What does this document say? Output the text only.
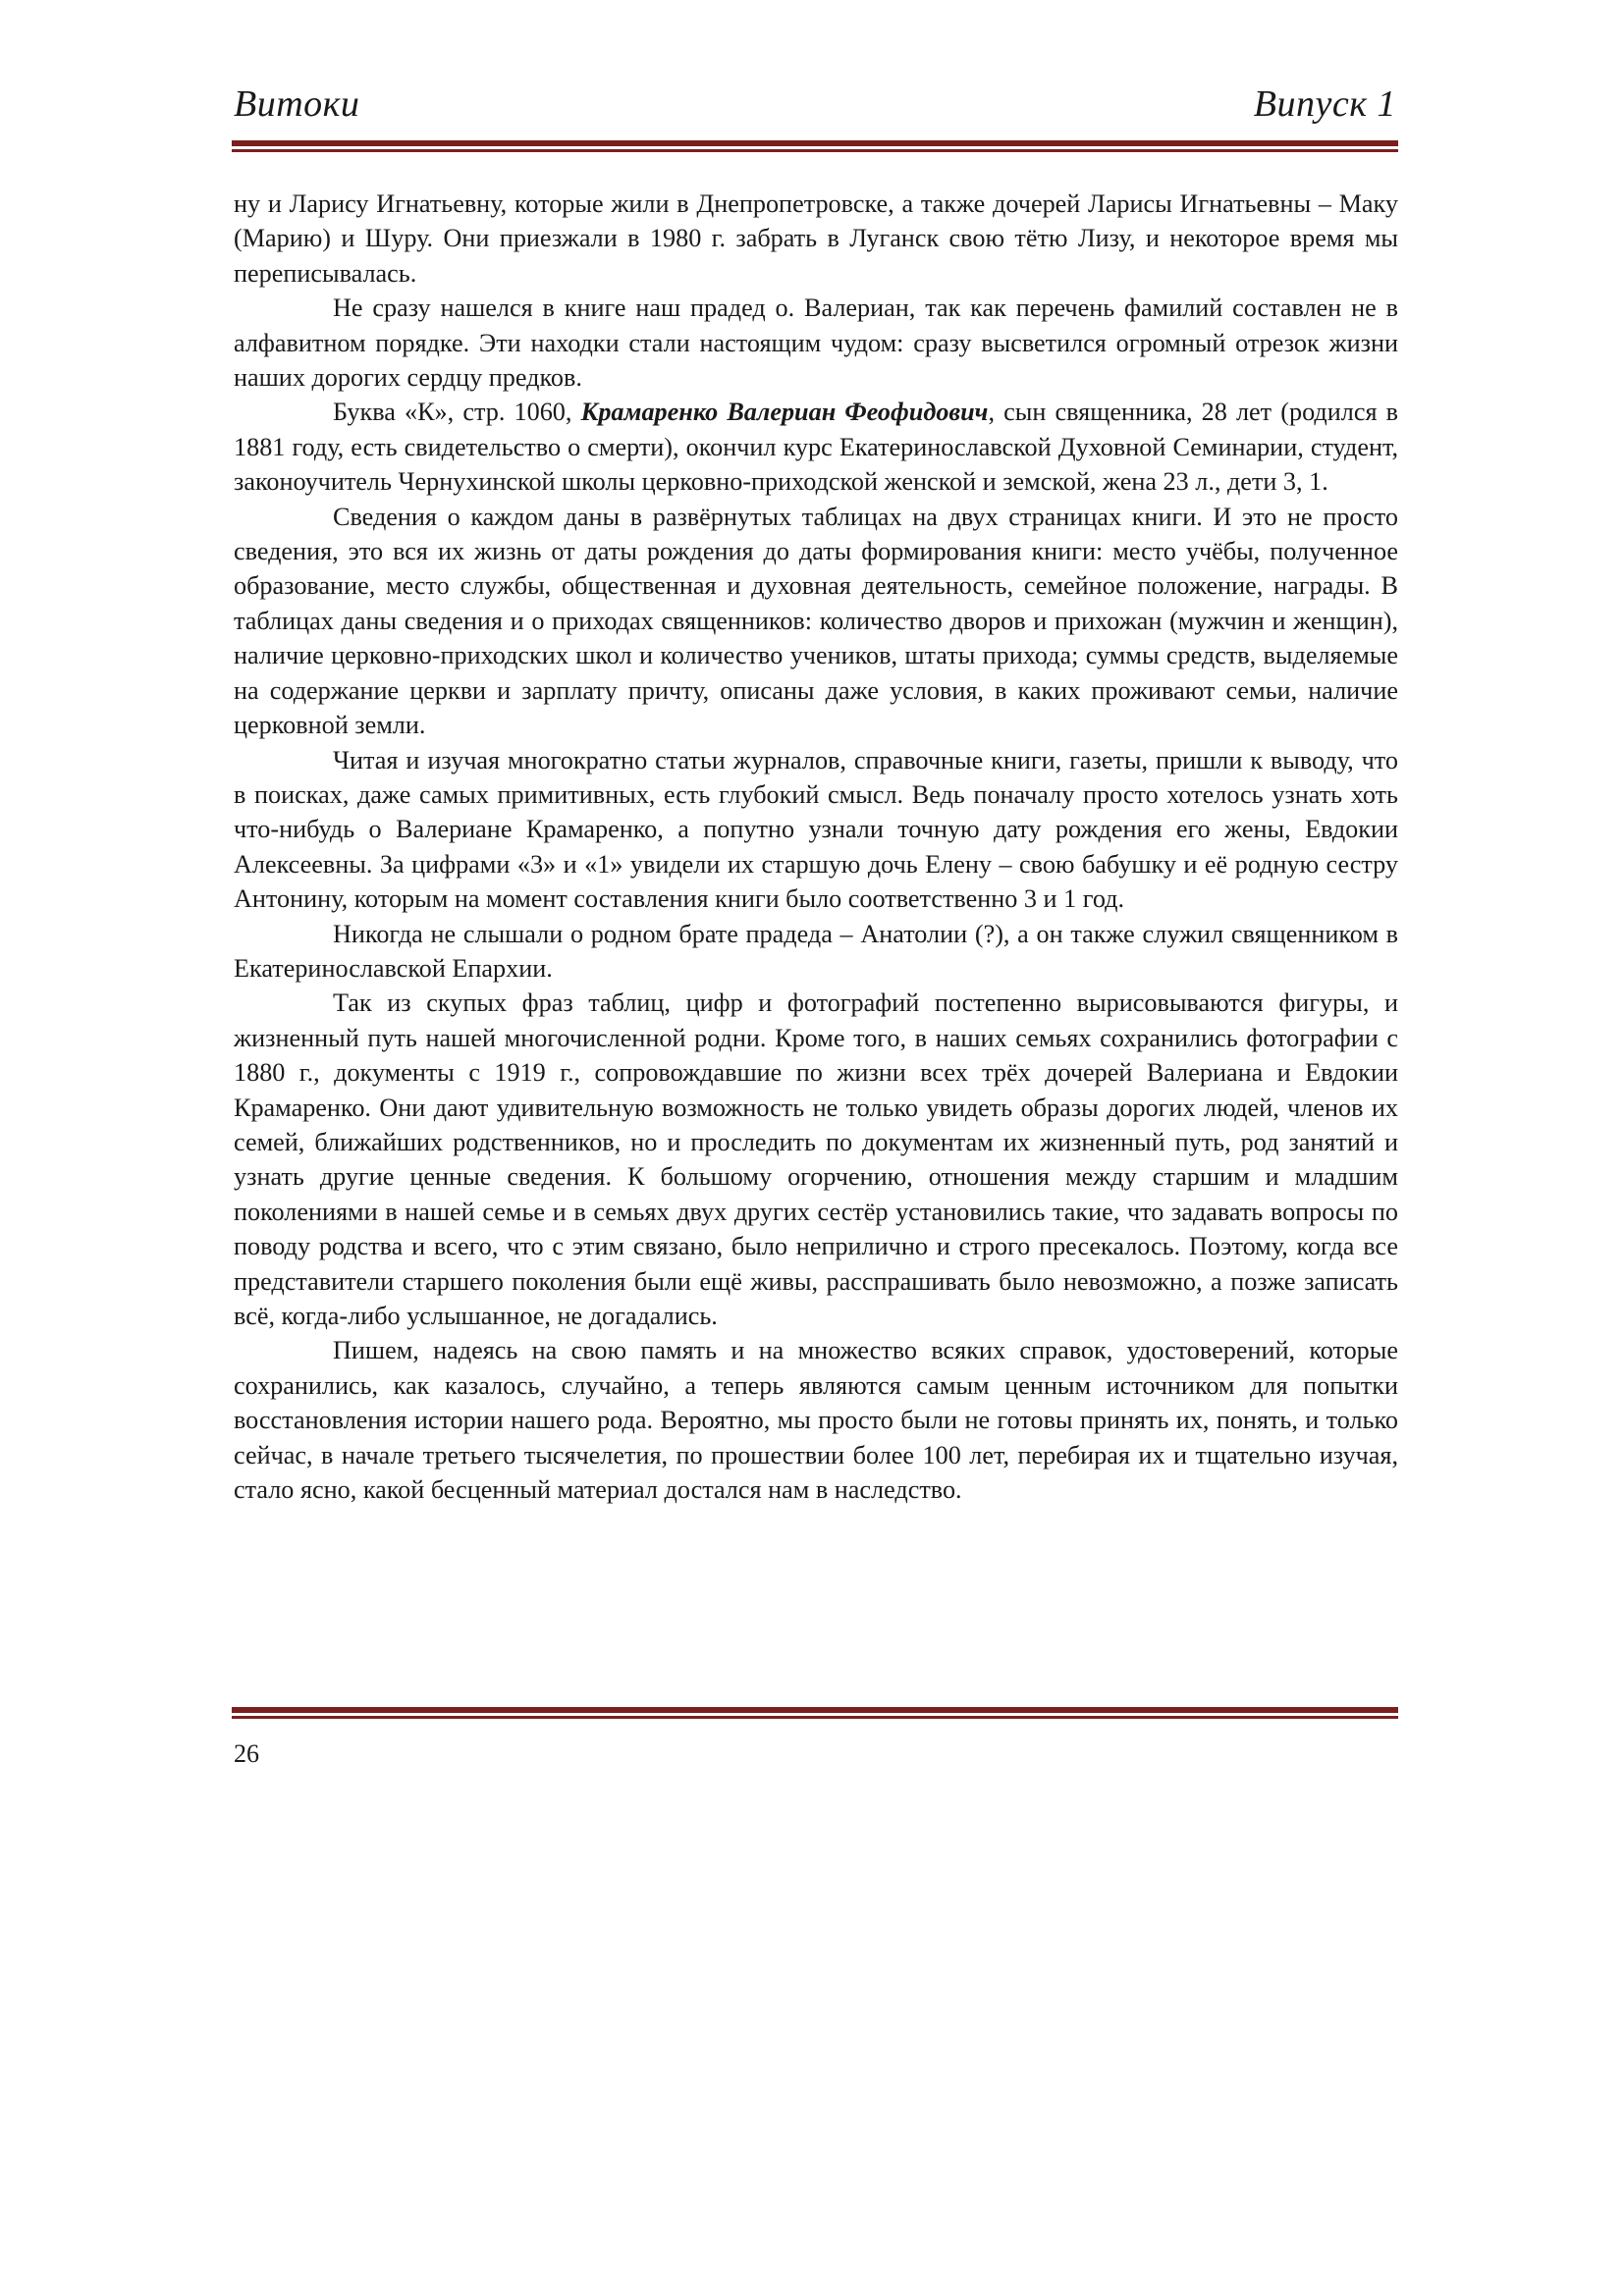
Витоки	Випуск 1

ну и Ларису Игнатьевну, которые жили в Днепропетровске, а также дочерей Ларисы Игнатьевны – Маку (Марию) и Шуру. Они приезжали в 1980 г. забрать в Луганск свою тётю Лизу, и некоторое время мы переписывалась.

Не сразу нашелся в книге наш прадед о. Валериан, так как перечень фамилий составлен не в алфавитном порядке. Эти находки стали настоящим чудом: сразу высветился огромный отрезок жизни наших дорогих сердцу предков.

Буква «К», стр. 1060, Крамаренко Валериан Феофидович, сын священника, 28 лет (родился в 1881 году, есть свидетельство о смерти), окончил курс Екатеринославской Духовной Семинарии, студент, законоучитель Чернухинской школы церковно-приходской женской и земской, жена 23 л., дети 3, 1.

Сведения о каждом даны в развёрнутых таблицах на двух страницах книги. И это не просто сведения, это вся их жизнь от даты рождения до даты формирования книги: место учёбы, полученное образование, место службы, общественная и духовная деятельность, семейное положение, награды. В таблицах даны сведения и о приходах священников: количество дворов и прихожан (мужчин и женщин), наличие церковно-приходских школ и количество учеников, штаты прихода; суммы средств, выделяемые на содержание церкви и зарплату причту, описаны даже условия, в каких проживают семьи, наличие церковной земли.

Читая и изучая многократно статьи журналов, справочные книги, газеты, пришли к выводу, что в поисках, даже самых примитивных, есть глубокий смысл. Ведь поначалу просто хотелось узнать хоть что-нибудь о Валериане Крамаренко, а попутно узнали точную дату рождения его жены, Евдокии Алексеевны. За цифрами «3» и «1» увидели их старшую дочь Елену – свою бабушку и её родную сестру Антонину, которым на момент составления книги было соответственно 3 и 1 год.

Никогда не слышали о родном брате прадеда – Анатолии (?), а он также служил священником в Екатеринославской Епархии.

Так из скупых фраз таблиц, цифр и фотографий постепенно вырисовываются фигуры, и жизненный путь нашей многочисленной родни. Кроме того, в наших семьях сохранились фотографии с 1880 г., документы с 1919 г., сопровождавшие по жизни всех трёх дочерей Валериана и Евдокии Крамаренко. Они дают удивительную возможность не только увидеть образы дорогих людей, членов их семей, ближайших родственников, но и проследить по документам их жизненный путь, род занятий и узнать другие ценные сведения. К большому огорчению, отношения между старшим и младшим поколениями в нашей семье и в семьях двух других сестёр установились такие, что задавать вопросы по поводу родства и всего, что с этим связано, было неприлично и строго пресекалось. Поэтому, когда все представители старшего поколения были ещё живы, расспрашивать было невозможно, а позже записать всё, когда-либо услышанное, не догадались.

Пишем, надеясь на свою память и на множество всяких справок, удостоверений, которые сохранились, как казалось, случайно, а теперь являются самым ценным источником для попытки восстановления истории нашего рода. Вероятно, мы просто были не готовы принять их, понять, и только сейчас, в начале третьего тысячелетия, по прошествии более 100 лет, перебирая их и тщательно изучая, стало ясно, какой бесценный материал достался нам в наследство.

26
